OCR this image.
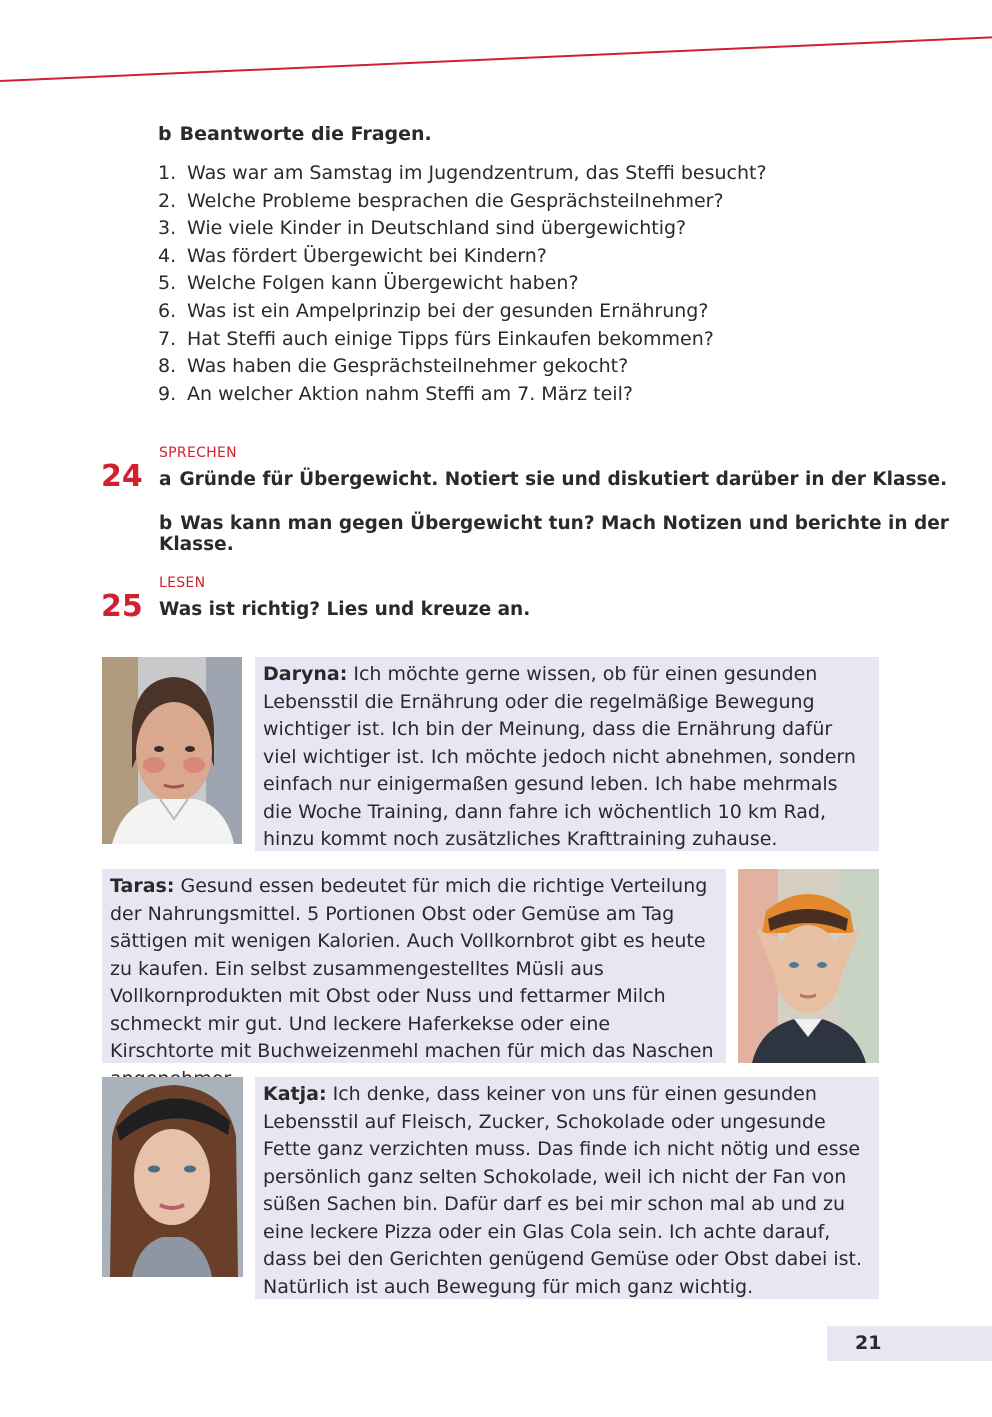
b Beantworte die Fragen.
1. Was war am Samstag im Jugendzentrum, das Steffi besucht?
2. Welche Probleme besprachen die Gesprächsteilnehmer?
3. Wie viele Kinder in Deutschland sind übergewichtig?
4. Was fördert Übergewicht bei Kindern?
5. Welche Folgen kann Übergewicht haben?
6. Was ist ein Ampelprinzip bei der gesunden Ernährung?
7. Hat Steffi auch einige Tipps fürs Einkaufen bekommen?
8. Was haben die Gesprächsteilnehmer gekocht?
9. An welcher Aktion nahm Steffi am 7. März teil?
SPRECHEN
24 a Gründe für Übergewicht. Notiert sie und diskutiert darüber in der Klasse.
b Was kann man gegen Übergewicht tun? Mach Notizen und berichte in der Klasse.
LESEN
25 Was ist richtig? Lies und kreuze an.
Daryna: Ich möchte gerne wissen, ob für einen gesunden Lebensstil die Ernährung oder die regelmäßige Bewegung wichtiger ist. Ich bin der Meinung, dass die Ernährung dafür viel wichtiger ist. Ich möchte jedoch nicht abnehmen, sondern einfach nur einigermaßen gesund leben. Ich habe mehrmals die Woche Training, dann fahre ich wöchentlich 10 km Rad, hinzu kommt noch zusätzliches Krafttraining zuhause.
Taras: Gesund essen bedeutet für mich die richtige Verteilung der Nahrungsmittel. 5 Portionen Obst oder Gemüse am Tag sättigen mit wenigen Kalorien. Auch Vollkornbrot gibt es heute zu kaufen. Ein selbst zusammengestelltes Müsli aus Vollkornprodukten mit Obst oder Nuss und fettarmer Milch schmeckt mir gut. Und leckere Haferkekse oder eine Kirschtorte mit Buchweizenmehl machen für mich das Naschen
Katja: Ich denke, dass keiner von uns für einen gesunden Lebensstil auf Fleisch, Zucker, Schokolade oder ungesunde Fette ganz verzichten muss. Das finde ich nicht nötig und esse persönlich ganz selten Schokolade, weil ich nicht der Fan von süßen Sachen bin. Dafür darf es bei mir schon mal ab und zu eine leckere Pizza oder ein Glas Cola sein. Ich achte darauf, dass bei den Gerichten genügend Gemüse oder Obst dabei ist. Natürlich ist auch Bewegung für mich ganz wichtig.
21
